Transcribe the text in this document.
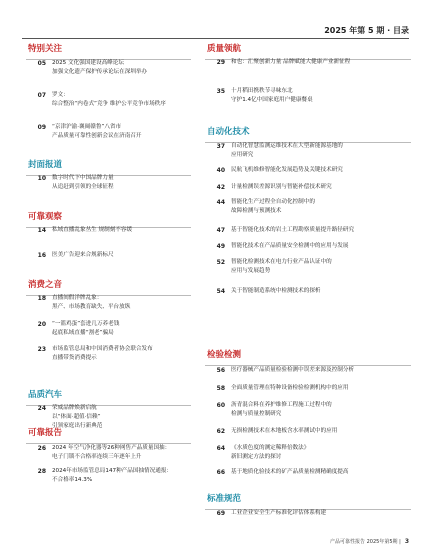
2025 年第 5 期 · 目录
特别关注
05	2025 文化强国建设高峰论坛
加强文化遗产保护传承论坛在深圳举办
07	罗文：
综合整治“内卷式”竞争 维护公平竞争市场秩序
09	“京津沪渝·襄阔赣鲁”八省市
产品质量可靠性创新会议在济南召开
封面报道
10	数字时代下中国品牌力量
从追赶到引领的全球征程
可靠观察
14	私域直播乱象丛生 规制刻不容缓
16	医美广告迎来合规新标尺
消费之音
18	直播间假洋牌乱象：
黑产、市场教育缺失、平台放纵
20	“一篮鸡蛋”套进几万养老钱
起底私域直播“割老”骗局
23	市场监管总局和中国消费者协会联合发布
直播带货消费提示
品质汽车
24	荣威品牌焕新启航
以“体面·超值·信赖”
引领家庭出行新典范
可靠报告
26	2024 年空气净化器等26种网售产品质量国抽：
电子门锁不合格率连续三年逐年上升
28	2024年市场监管总局147种产品国抽情况通报：
不合格率14.3%
质量领航
29	和也：汇聚创新力量 品牌赋能大健康产业新征程
35	十月稻田携秩节寻味东北
守护1.4亿中国家庭用户健康餐桌
自动化技术
37	自动化智慧监测运维技术在大型新能源基地的
应用研究
40	民航飞机维修智能化发展趋势及关键技术研究
42	计量检测误差源识别与智能补偿技术研究
44	智能化生产过程全自动化控制中的
故障检测与预测技术
47	基于智能化技术的岩土工程勘察质量提升路径研究
49	智能化技术在产品质量安全检测中的应用与发展
52	智能化检测技术在电力行业产品认证中的
应用与发展趋势
54	关于智能制造系统中检测技术的探析
检验检测
56	医疗器械产品质量检验检测中误差来源及控制分析
58	全面质量管理在特种设备检验检测机构中的应用
60	沥青混合料在养护维修工程施工过程中的
检测与质量控制研究
62	无损检测技术在木地板含水率测试中的应用
64	《水质色度的测定稀释倍数法》
新旧测定方法的探讨
66	基于地质化验技术的矿产品质量检测精确度提高
标准规范
69	工业企业安全生产标准化评估体系构建
产品可靠性报告 2025年第5期 | 3
